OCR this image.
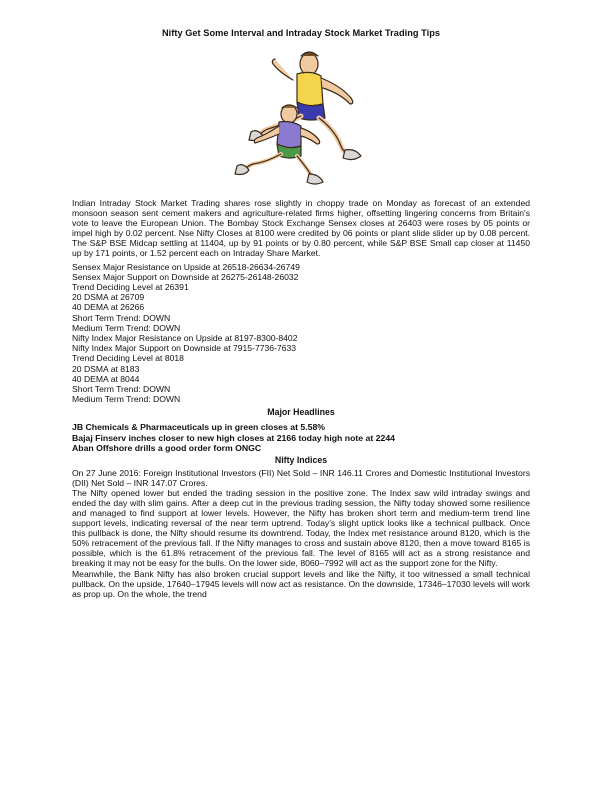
Nifty Get Some Interval and Intraday Stock Market Trading Tips

Indian Intraday Stock Market Trading shares rose slightly in choppy trade on Monday as forecast of an extended monsoon season sent cement makers and agriculture-related firms higher, offsetting lingering concerns from Britain's vote to leave the European Union. The Bombay Stock Exchange Sensex closes at 26403 were roses by 05 points or impel high by 0.02 percent. Nse Nifty Closes at 8100 were credited by 06 points or plant slide slider up by 0.08 percent. The S&P BSE Midcap settling at 11404, up by 91 points or by 0.80 percent, while S&P BSE Small cap closer at 11450 up by 171 points, or 1.52 percent each on Intraday Share Market.

Sensex Major Resistance on Upside at 26518-26634-26749
Sensex Major Support on Downside at 26275-26148-26032
Trend Deciding Level at 26391
20 DSMA at 26709
40 DEMA at 26266
Short Term Trend: DOWN
Medium Term Trend: DOWN
Nifty Index Major Resistance on Upside at 8197-8300-8402
Nifty Index Major Support on Downside at 7915-7736-7633
Trend Deciding Level at 8018
20 DSMA at 8183
40 DEMA at 8044
Short Term Trend: DOWN
Medium Term Trend: DOWN
Major Headlines
JB Chemicals & Pharmaceuticals up in green closes at 5.58%
Bajaj Finserv inches closer to new high closes at 2166 today high note at 2244
Aban Offshore drills a good order form ONGC
Nifty Indices

On 27 June 2016: Foreign Institutional Investors (FII) Net Sold – INR 146.11 Crores and Domestic Institutional Investors (DII) Net Sold – INR 147.07 Crores.

The Nifty opened lower but ended the trading session in the positive zone. The Index saw wild intraday swings and ended the day with slim gains. After a deep cut in the previous trading session, the Nifty today showed some resilience and managed to find support at lower levels. However, the Nifty has broken short term and medium-term trend line support levels, indicating reversal of the near term uptrend. Today’s slight uptick looks like a technical pullback. Once this pullback is done, the Nifty should resume its downtrend. Today, the Index met resistance around 8120, which is the 50% retracement of the previous fall. If the Nifty manages to cross and sustain above 8120, then a move toward 8165 is possible, which is the 61.8% retracement of the previous fall. The level of 8165 will act as a strong resistance and breaking it may not be easy for the bulls. On the lower side, 8060–7992 will act as the support zone for the Nifty.

Meanwhile, the Bank Nifty has also broken crucial support levels and like the Nifty, it too witnessed a small technical pullback. On the upside, 17640–17945 levels will now act as resistance. On the downside, 17346–17030 levels will work as prop up. On the whole, the trend
